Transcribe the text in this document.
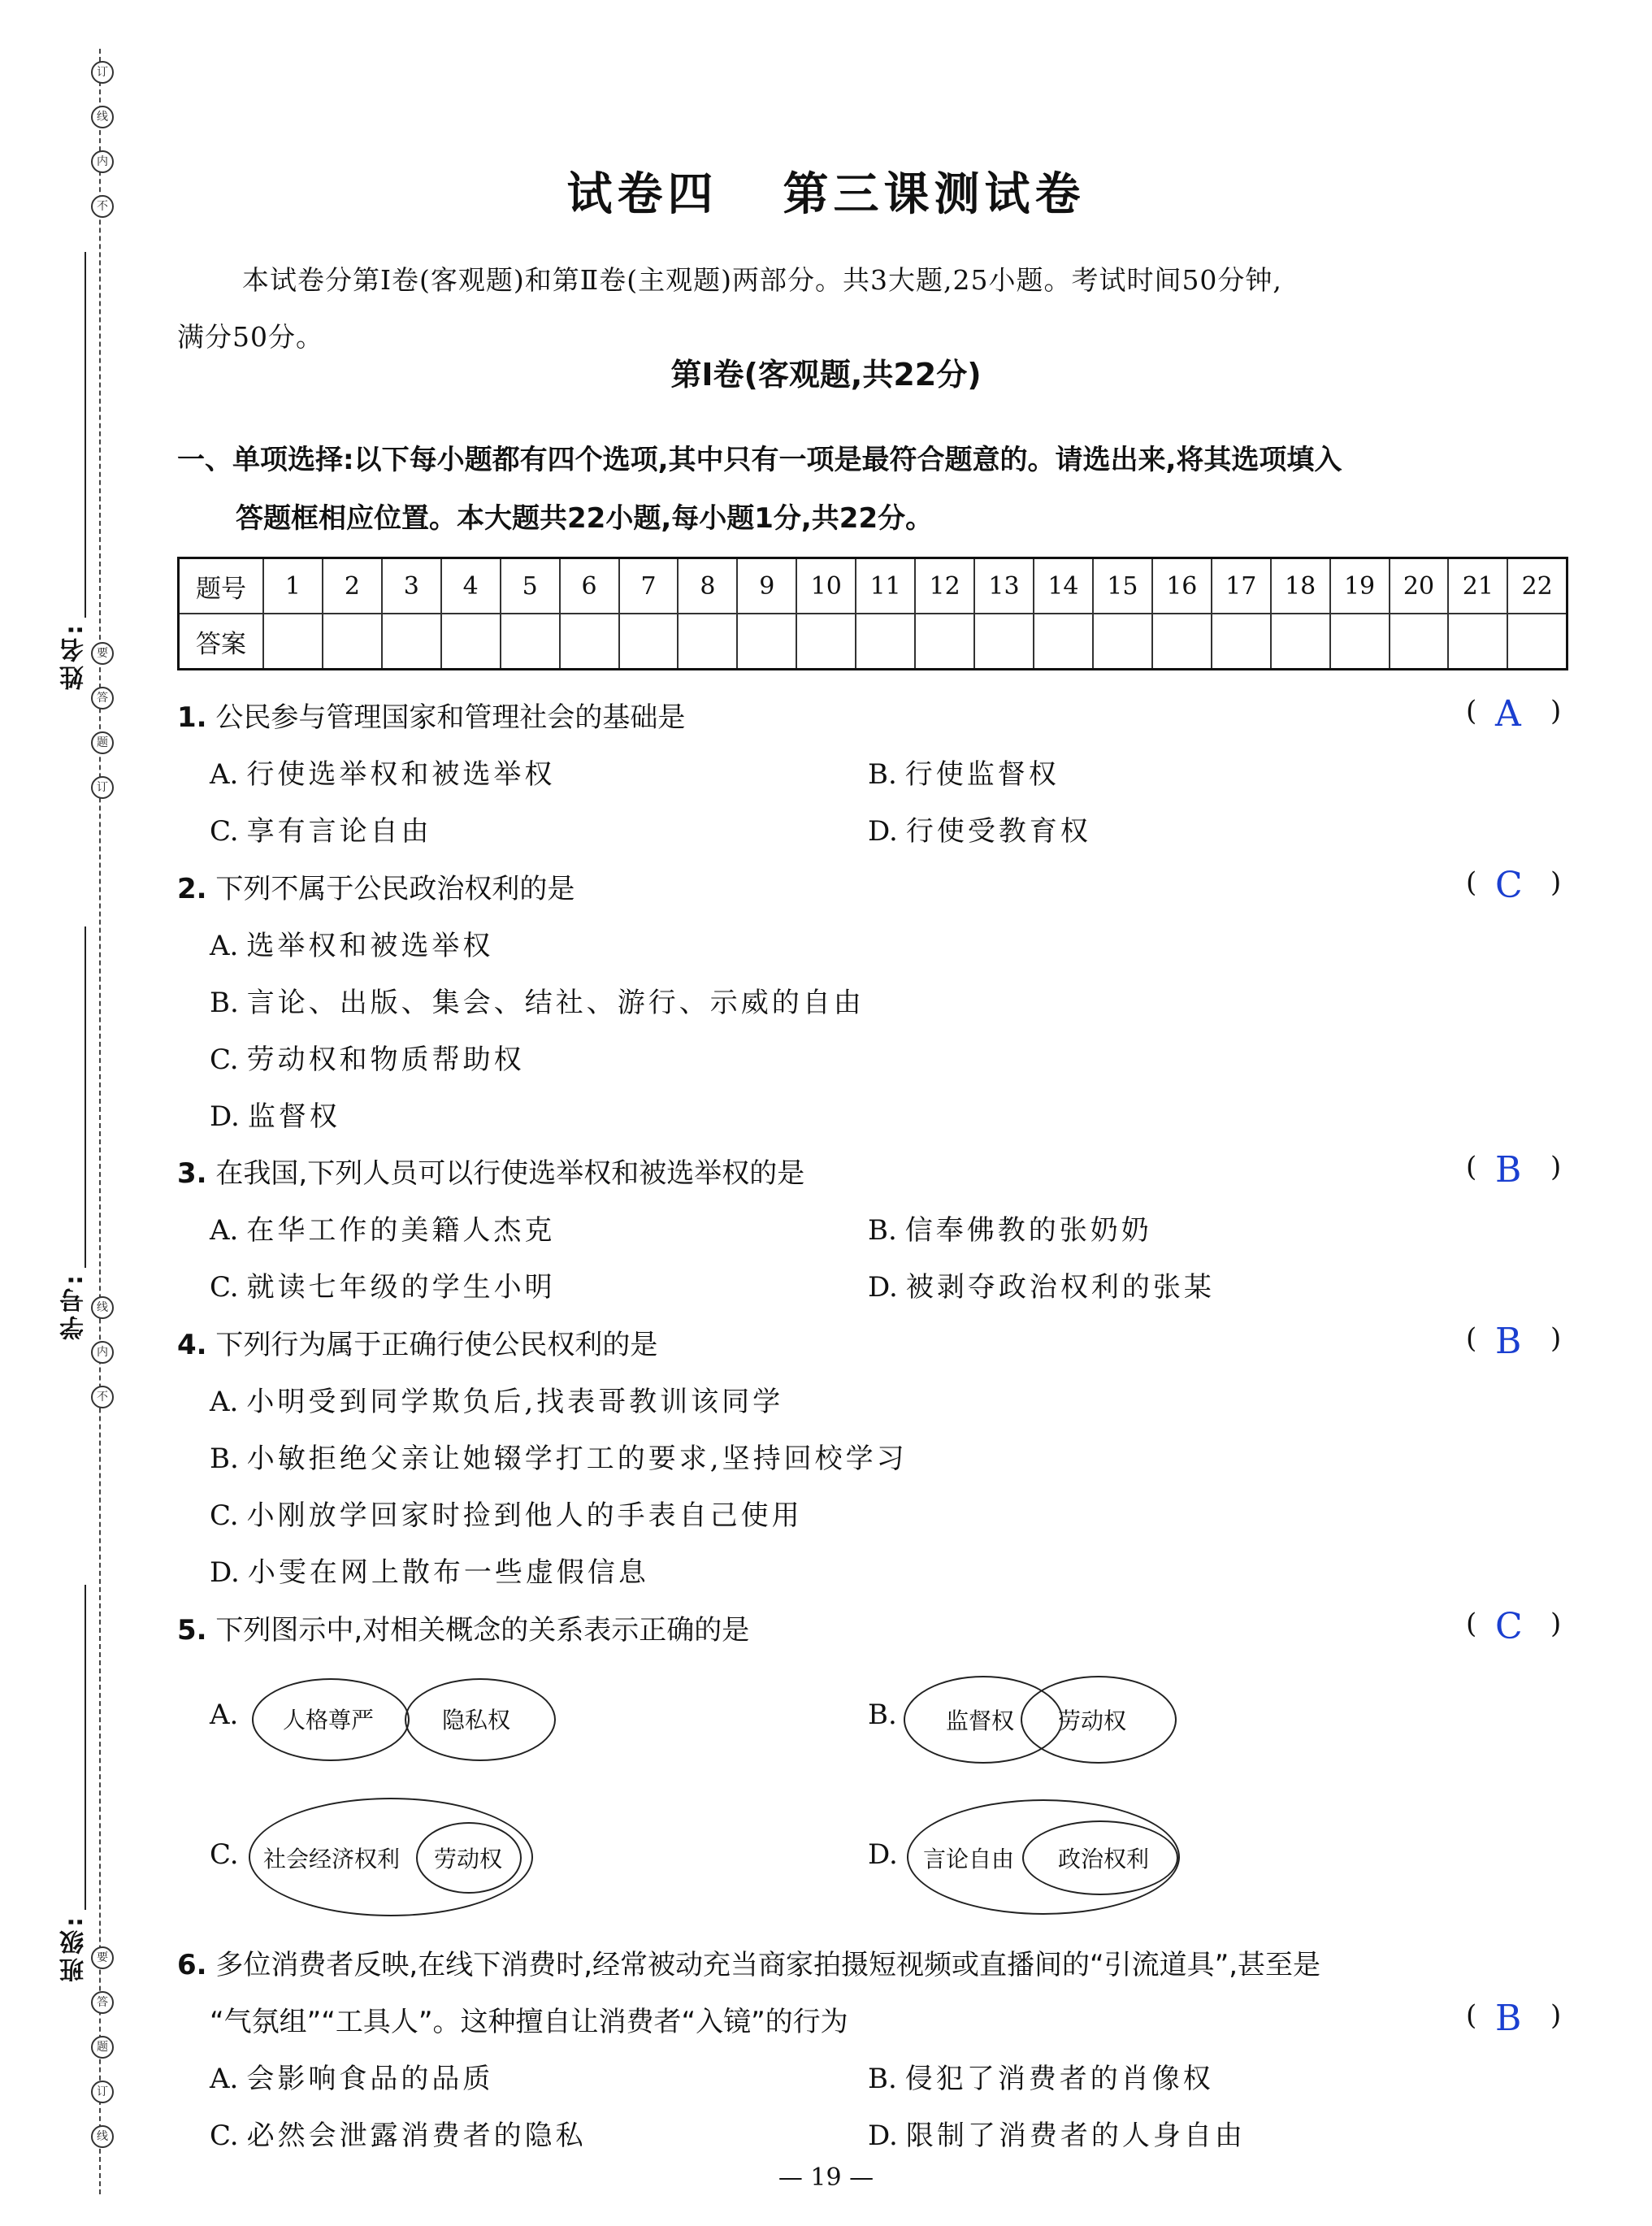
订
线
内
不
要
答
题
订
线
内
不
要
答
题
订
线
姓名:
学号:
班级:
试卷四 第三课测试卷
本试卷分第Ⅰ卷(客观题)和第Ⅱ卷(主观题)两部分。共3大题,25小题。考试时间50分钟,
满分50分。
第Ⅰ卷(客观题,共22分)
一、单项选择:以下每小题都有四个选项,其中只有一项是最符合题意的。请选出来,将其选项填入
答题框相应位置。本大题共22小题,每小题1分,共22分。
题号	1	2	3	4	5	6	7	8	9	10	11	12	13	14	15	16	17	18	19	20	21	22
答案																						
1. 公民参与管理国家和管理社会的基础是	( A )
A. 行使选举权和被选举权	B. 行使监督权
C. 享有言论自由	D. 行使受教育权
2. 下列不属于公民政治权利的是	( C )
A. 选举权和被选举权
B. 言论、出版、集会、结社、游行、示威的自由
C. 劳动权和物质帮助权
D. 监督权
3. 在我国,下列人员可以行使选举权和被选举权的是	( B )
A. 在华工作的美籍人杰克	B. 信奉佛教的张奶奶
C. 就读七年级的学生小明	D. 被剥夺政治权利的张某
4. 下列行为属于正确行使公民权利的是	( B )
A. 小明受到同学欺负后,找表哥教训该同学
B. 小敏拒绝父亲让她辍学打工的要求,坚持回校学习
C. 小刚放学回家时捡到他人的手表自己使用
D. 小雯在网上散布一些虚假信息
5. 下列图示中,对相关概念的关系表示正确的是	( C )
A. 人格尊严	隐私权	B. 监督权 劳动权
C. 社会经济权利 劳动权	D. 言论自由 政治权利
6. 多位消费者反映,在线下消费时,经常被动充当商家拍摄短视频或直播间的“引流道具”,甚至是
“气氛组”“工具人”。这种擅自让消费者“入镜”的行为	( B )
A. 会影响食品的品质	B. 侵犯了消费者的肖像权
C. 必然会泄露消费者的隐私	D. 限制了消费者的人身自由
— 19 —
